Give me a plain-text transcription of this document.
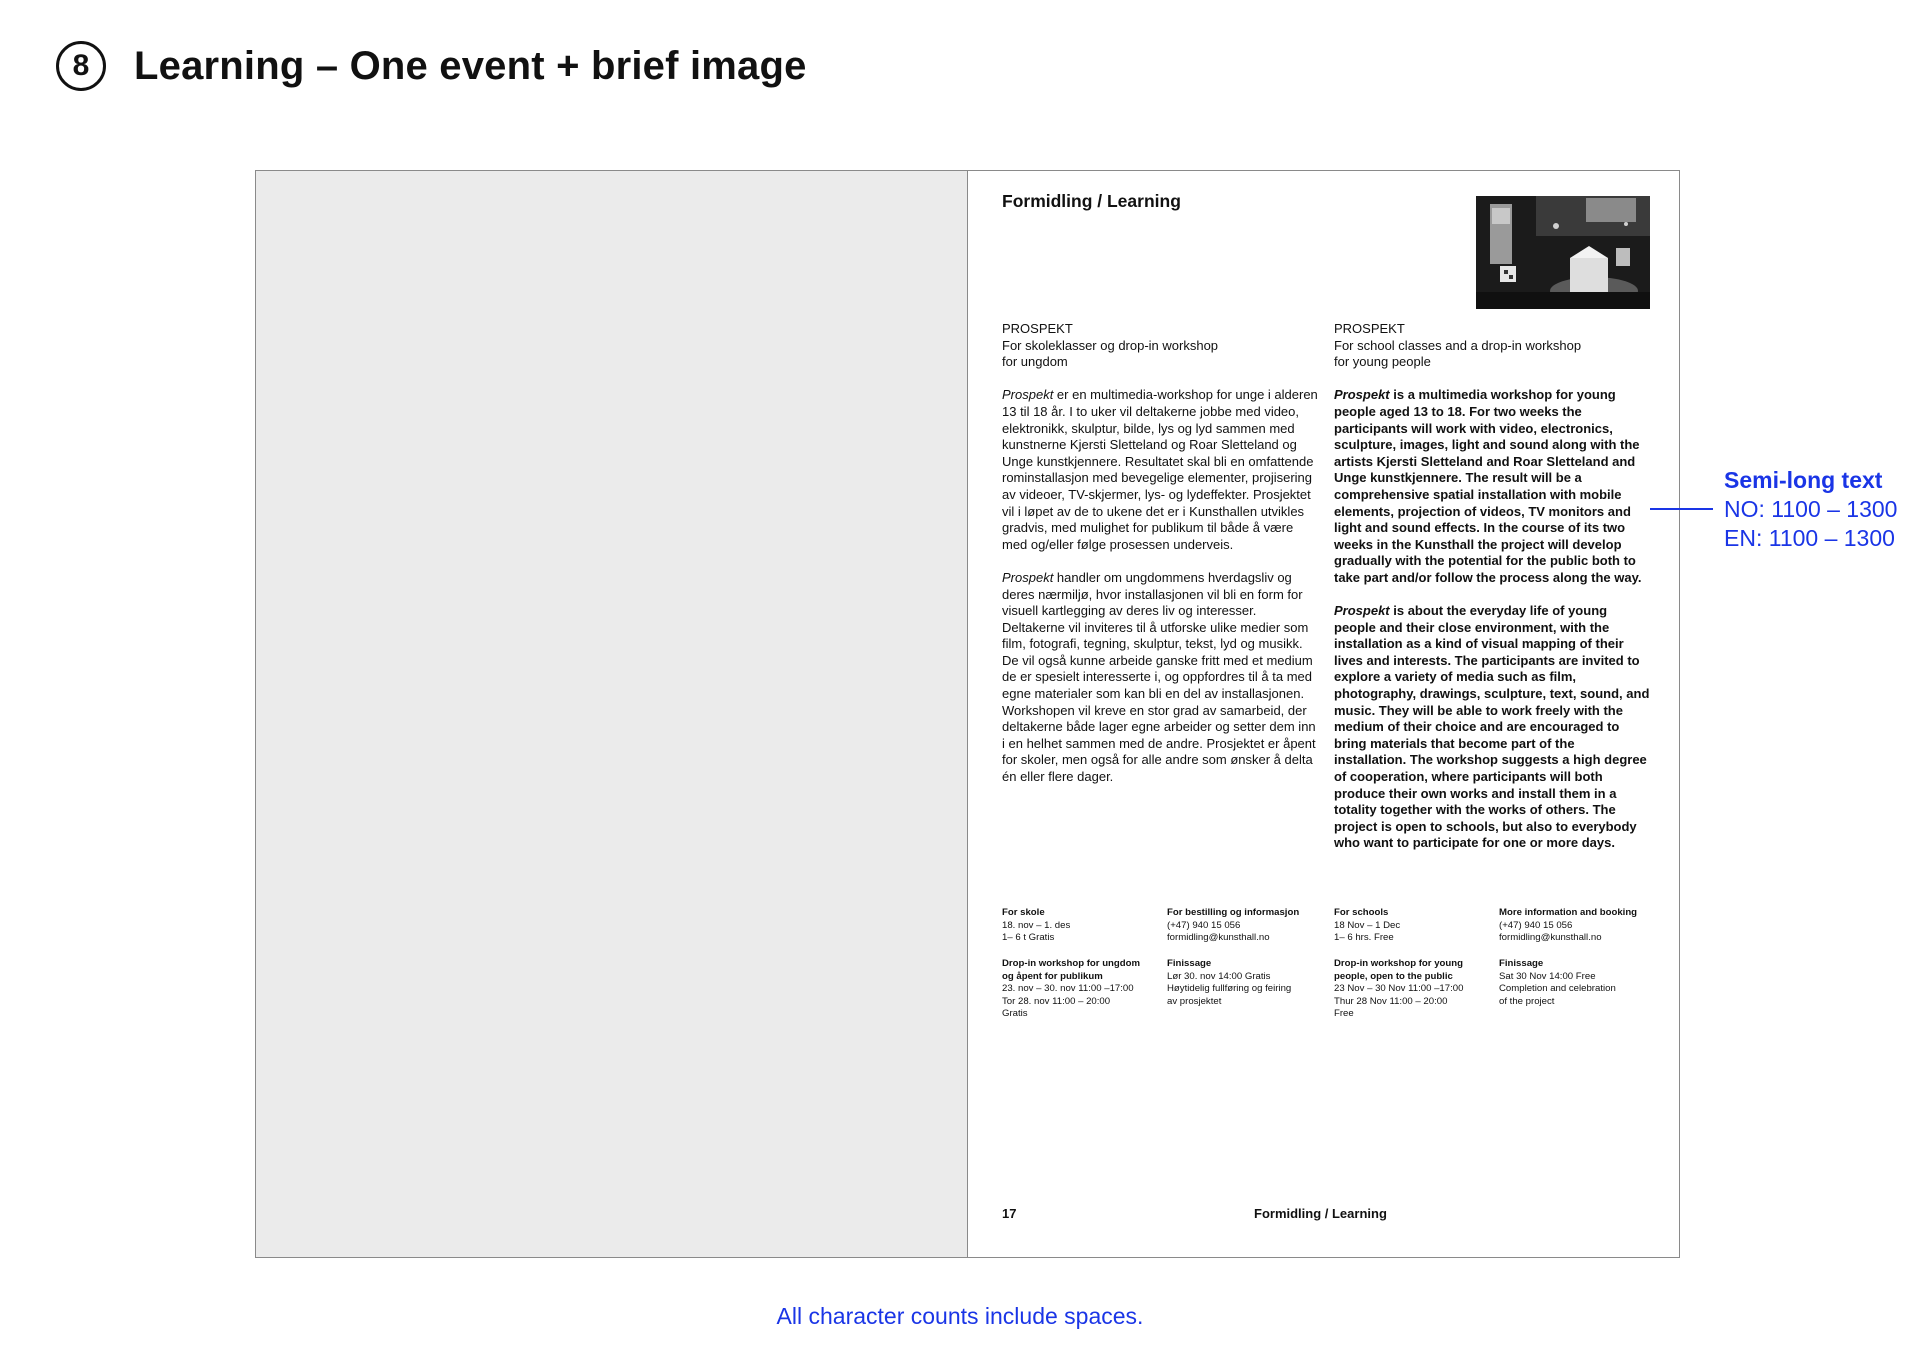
8 Learning – One event + brief image
Formidling / Learning
PROSPEKT
For skoleklasser og drop-in workshop
for ungdom

Prospekt er en multimedia-workshop for unge i alderen 13 til 18 år. I to uker vil deltakerne jobbe med video, elektronikk, skulptur, bilde, lys og lyd sammen med kunstnerne Kjersti Sletteland og Roar Sletteland og Unge kunstkjennere. Resultatet skal bli en omfattende rominstallasjon med bevegelige elementer, projisering av videoer, TV-skjermer, lys- og lydeffekter. Prosjektet vil i løpet av de to ukene det er i Kunsthallen utvikles gradvis, med mulighet for publikum til både å være med og/eller følge prosessen underveis.

Prospekt handler om ungdommens hverdagsliv og deres nærmiljø, hvor installasjonen vil bli en form for visuell kartlegging av deres liv og interesser. Deltakerne vil inviteres til å utforske ulike medier som film, fotografi, tegning, skulptur, tekst, lyd og musikk. De vil også kunne arbeide ganske fritt med et medium de er spesielt interesserte i, og oppfordres til å ta med egne materialer som kan bli en del av installasjonen. Workshopen vil kreve en stor grad av samarbeid, der deltakerne både lager egne arbeider og setter dem inn i en helhet sammen med de andre. Prosjektet er åpent for skoler, men også for alle andre som ønsker å delta én eller flere dager.

PROSPEKT
For school classes and a drop-in workshop
for young people

Prospekt is a multimedia workshop for young people aged 13 to 18. For two weeks the participants will work with video, electronics, sculpture, images, light and sound along with the artists Kjersti Sletteland and Roar Sletteland and Unge kunstkjennere. The result will be a comprehensive spatial installation with mobile elements, projection of videos, TV monitors and light and sound effects. In the course of its two weeks in the Kunsthall the project will develop gradually with the potential for the public both to take part and/or follow the process along the way.

Prospekt is about the everyday life of young people and their close environment, with the installation as a kind of visual mapping of their lives and interests. The participants are invited to explore a variety of media such as film, photography, drawings, sculpture, text, sound, and music. They will be able to work freely with the medium of their choice and are encouraged to bring materials that become part of the installation. The workshop suggests a high degree of cooperation, where participants will both produce their own works and install them in a totality together with the works of others. The project is open to schools, but also to everybody who want to participate for one or more days.

For skole
18. nov – 1. des
1– 6 t Gratis
For bestilling og informasjon
(+47) 940 15 056
formidling@kunsthall.no
Drop-in workshop for ungdom
og åpent for publikum
23. nov – 30. nov 11:00 –17:00
Tor 28. nov 11:00 – 20:00
Gratis
Finissage
Lør 30. nov 14:00 Gratis
Høytidelig fullføring og feiring
av prosjektet
For schools
18 Nov – 1 Dec
1– 6 hrs. Free
More information and booking
(+47) 940 15 056
formidling@kunsthall.no
Drop-in workshop for young
people, open to the public
23 Nov – 30 Nov 11:00 –17:00
Thur 28 Nov 11:00 – 20:00
Free
Finissage
Sat 30 Nov 14:00 Free
Completion and celebration
of the project
17	Formidling / Learning
Semi-long text
NO: 1100 – 1300
EN: 1100 – 1300
All character counts include spaces.
